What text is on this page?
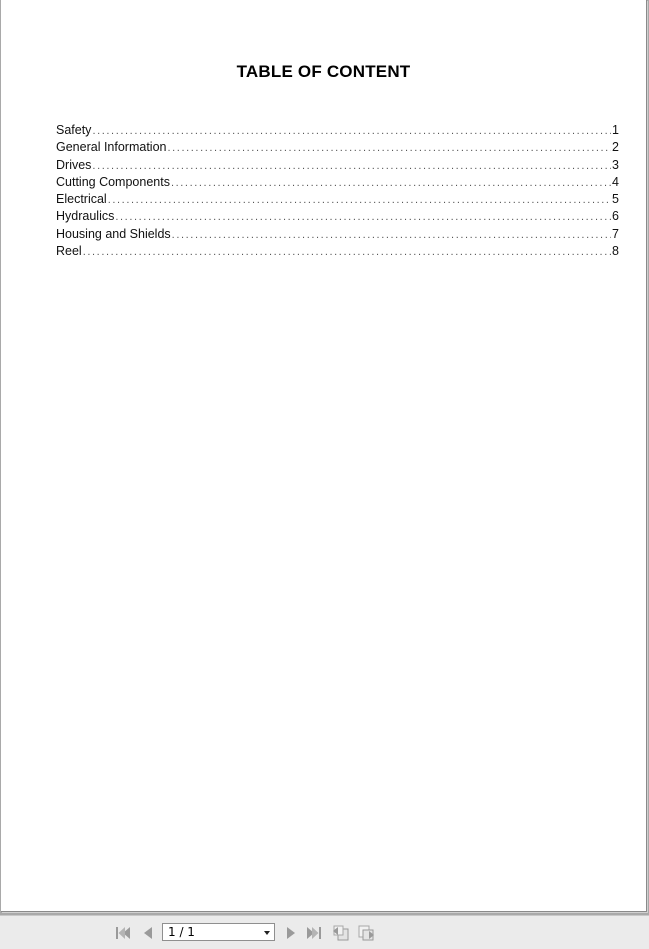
TABLE OF CONTENT
Safety .....	1
General Information .....	2
Drives .....	3
Cutting Components .....	4
Electrical .....	5
Hydraulics .....	6
Housing and Shields .....	7
Reel .....	8
1 / 1
